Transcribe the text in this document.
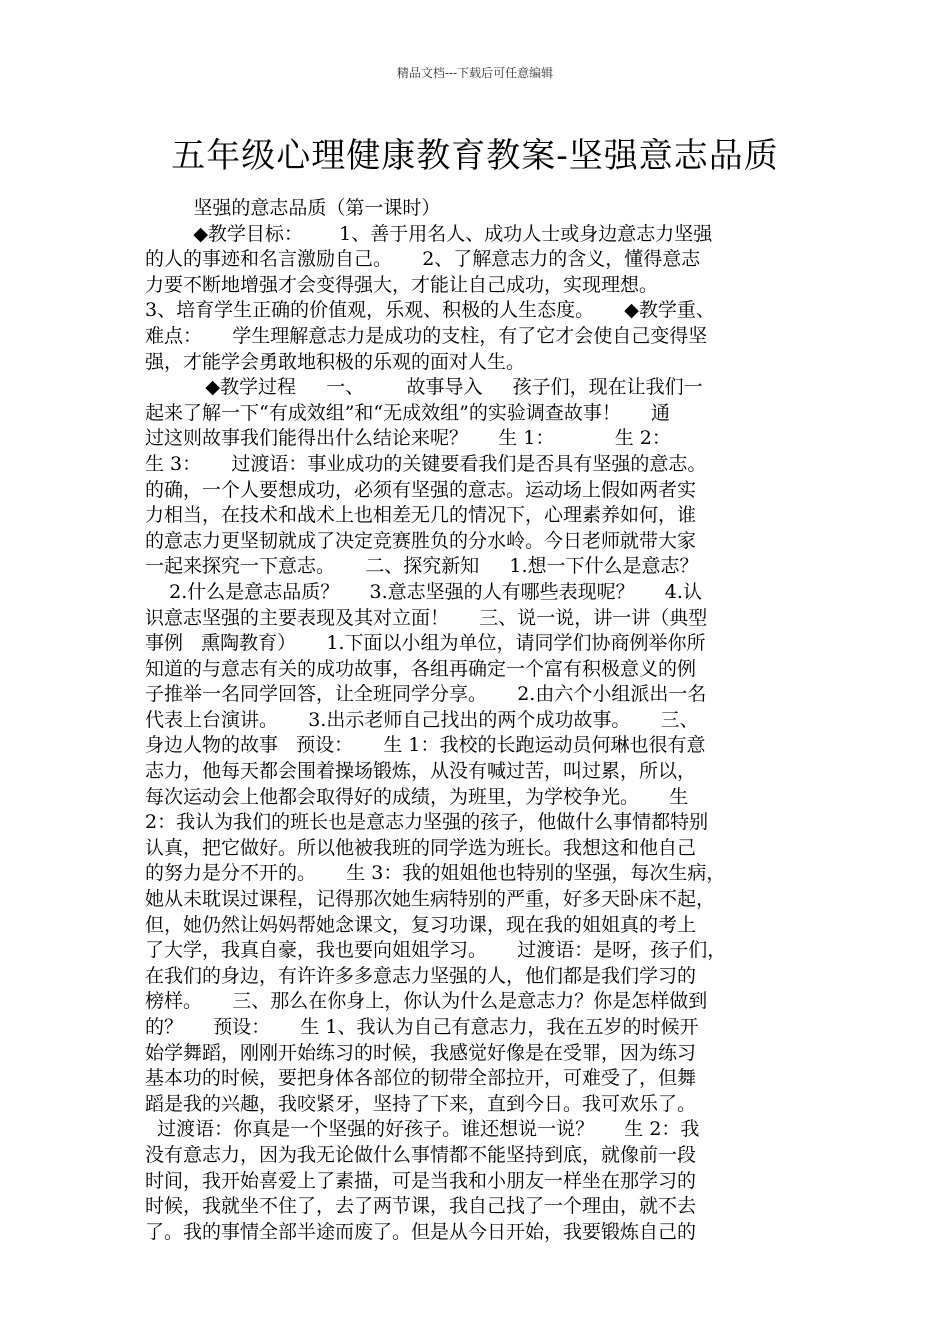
精品文档---下载后可任意编辑
五年级心理健康教育教案-坚强意志品质
坚强的意志品质（第一课时）
◆教学目标：      1、善于用名人、成功人士或身边意志力坚强
的人的事迹和名言激励自己。     2、了解意志力的含义，懂得意志
力要不断地增强才会变得强大，才能让自己成功，实现理想。
3、培育学生正确的价值观，乐观、积极的人生态度。     ◆教学重、
难点：     学生理解意志力是成功的支柱，有了它才会使自己变得坚
强，才能学会勇敢地积极的乐观的面对人生。
◆教学过程     一、       故事导入     孩子们，现在让我们一
起来了解一下“有成效组”和“无成效组”的实验调查故事！     通
过这则故事我们能得出什么结论来呢？     生 1：          生 2：
生 3：     过渡语：事业成功的关键要看我们是否具有坚强的意志。
的确，一个人要想成功，必须有坚强的意志。运动场上假如两者实
力相当，在技术和战术上也相差无几的情况下，心理素养如何，谁
的意志力更坚韧就成了决定竞赛胜负的分水岭。今日老师就带大家
一起来探究一下意志。     二、探究新知     1.想一下什么是意志？
2.什么是意志品质？     3.意志坚强的人有哪些表现呢？     4.认
识意志坚强的主要表现及其对立面！     三、说一说，讲一讲（典型
事例   熏陶教育）     1.下面以小组为单位，请同学们协商例举你所
知道的与意志有关的成功故事，各组再确定一个富有积极意义的例
子推举一名同学回答，让全班同学分享。     2.由六个小组派出一名
代表上台演讲。     3.出示老师自己找出的两个成功故事。     三、
身边人物的故事   预设：     生 1：我校的长跑运动员何琳也很有意
志力，他每天都会围着操场锻炼，从没有喊过苦，叫过累，所以，
每次运动会上他都会取得好的成绩，为班里，为学校争光。     生
2：我认为我们的班长也是意志力坚强的孩子，他做什么事情都特别
认真，把它做好。所以他被我班的同学选为班长。我想这和他自己
的努力是分不开的。     生 3：我的姐姐他也特别的坚强，每次生病，
她从未耽误过课程，记得那次她生病特别的严重，好多天卧床不起，
但，她仍然让妈妈帮她念课文，复习功课，现在我的姐姐真的考上
了大学，我真自豪，我也要向姐姐学习。     过渡语：是呀，孩子们，
在我们的身边，有许许多多意志力坚强的人，他们都是我们学习的
榜样。     三、那么在你身上，你认为什么是意志力？你是怎样做到
的？     预设：     生 1、我认为自己有意志力，我在五岁的时候开
始学舞蹈，刚刚开始练习的时候，我感觉好像是在受罪，因为练习
基本功的时候，要把身体各部位的韧带全部拉开，可难受了，但舞
蹈是我的兴趣，我咬紧牙，坚持了下来，直到今日。我可欢乐了。
过渡语：你真是一个坚强的好孩子。谁还想说一说？     生 2：我
没有意志力，因为我无论做什么事情都不能坚持到底，就像前一段
时间，我开始喜爱上了素描，可是当我和小朋友一样坐在那学习的
时候，我就坐不住了，去了两节课，我自己找了一个理由，就不去
了。我的事情全部半途而废了。但是从今日开始，我要锻炼自己的
